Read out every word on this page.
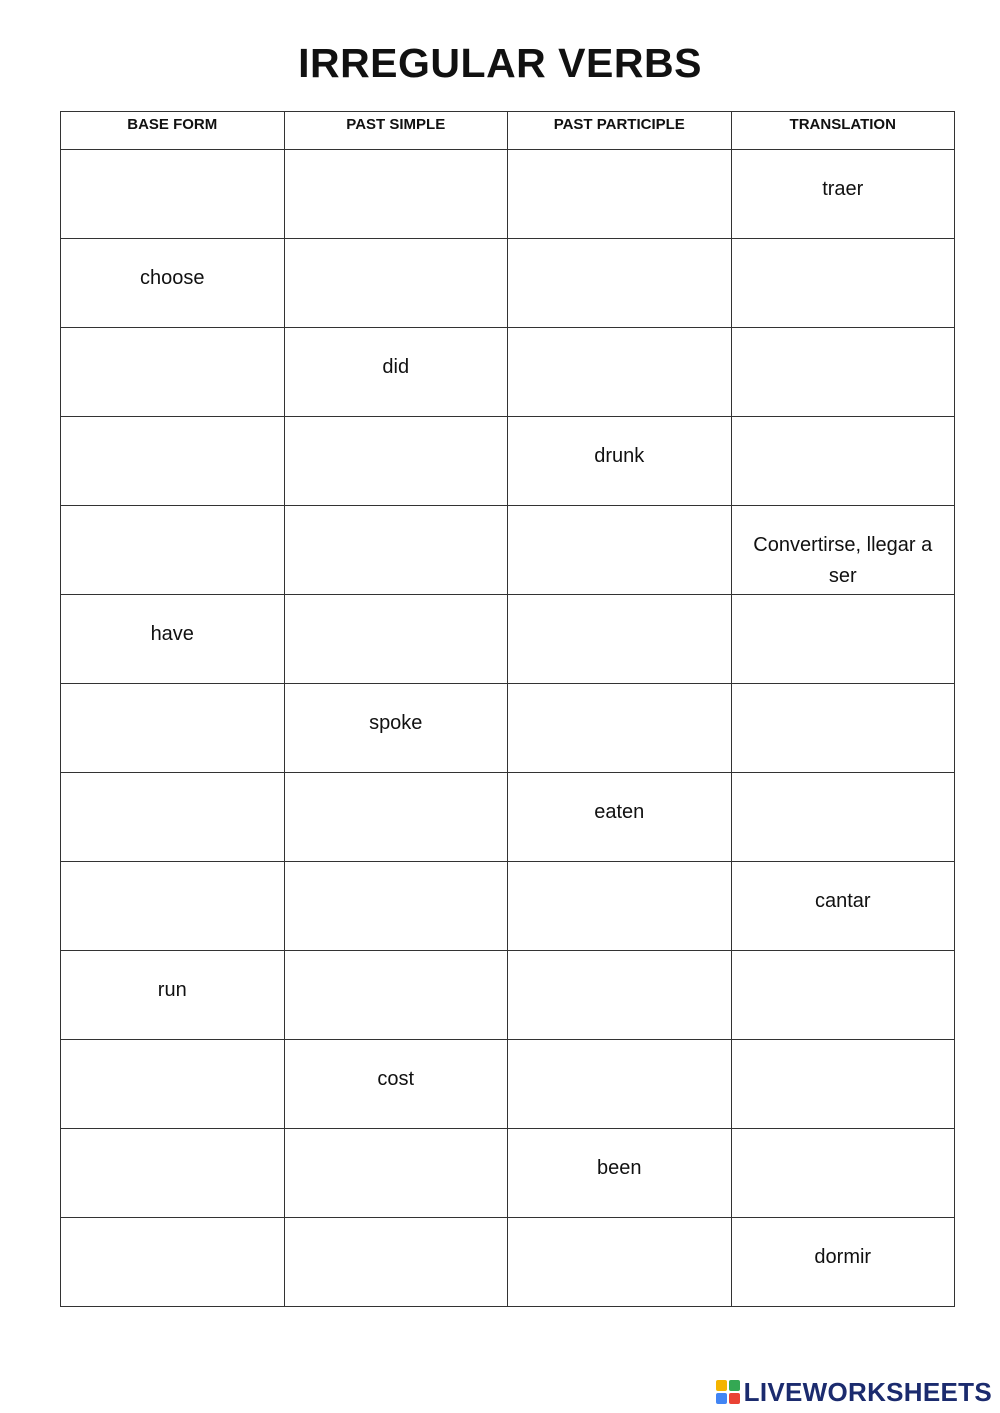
IRREGULAR VERBS
BASE FORM	PAST SIMPLE	PAST PARTICIPLE	TRANSLATION
			traer
choose			
	did		
		drunk	
			Convertirse, llegar a ser
have			
	spoke		
		eaten	
			cantar
run			
	cost		
		been	
			dormir
LIVEWORKSHEETS
